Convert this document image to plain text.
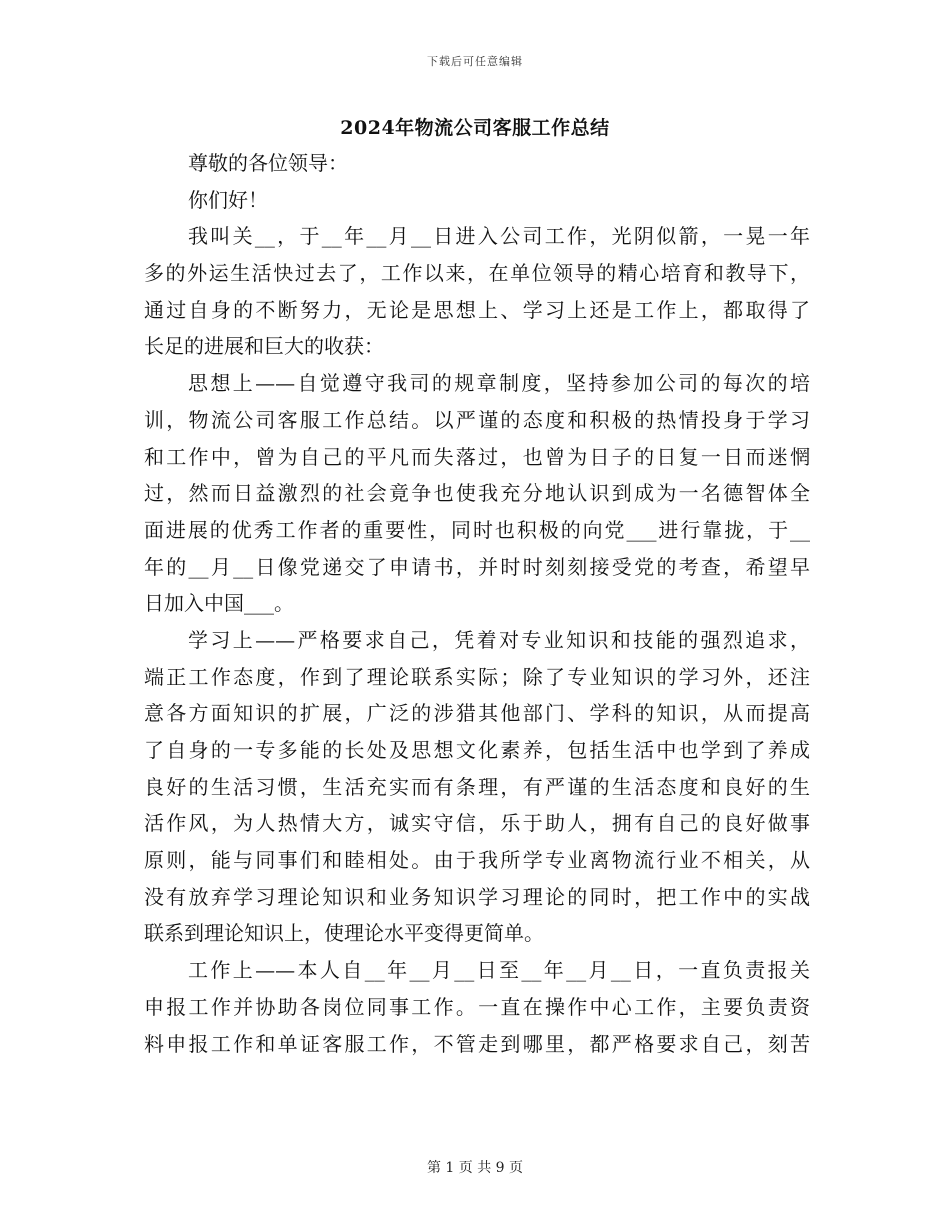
下载后可任意编辑
2024年物流公司客服工作总结
尊敬的各位领导：
你们好！
我叫关__，于__年__月__日进入公司工作，光阴似箭，一晃一年
多的外运生活快过去了，工作以来，在单位领导的精心培育和教导下，
通过自身的不断努力，无论是思想上、学习上还是工作上，都取得了
长足的进展和巨大的收获：
思想上——自觉遵守我司的规章制度，坚持参加公司的每次的培
训，物流公司客服工作总结。以严谨的态度和积极的热情投身于学习
和工作中，曾为自己的平凡而失落过，也曾为日子的日复一日而迷惘
过，然而日益激烈的社会竟争也使我充分地认识到成为一名德智体全
面进展的优秀工作者的重要性，同时也积极的向党___进行靠拢，于__
年的__月__日像党递交了申请书，并时时刻刻接受党的考查，希望早
日加入中国___。
学习上——严格要求自己，凭着对专业知识和技能的强烈追求，
端正工作态度，作到了理论联系实际；除了专业知识的学习外，还注
意各方面知识的扩展，广泛的涉猎其他部门、学科的知识，从而提高
了自身的一专多能的长处及思想文化素养，包括生活中也学到了养成
良好的生活习惯，生活充实而有条理，有严谨的生活态度和良好的生
活作风，为人热情大方，诚实守信，乐于助人，拥有自己的良好做事
原则，能与同事们和睦相处。由于我所学专业离物流行业不相关，从
没有放弃学习理论知识和业务知识学习理论的同时，把工作中的实战
联系到理论知识上，使理论水平变得更简单。
工作上——本人自__年__月__日至__年__月__日，一直负责报关
申报工作并协助各岗位同事工作。一直在操作中心工作，主要负责资
料申报工作和单证客服工作，不管走到哪里，都严格要求自己，刻苦
第 1 页 共 9 页
